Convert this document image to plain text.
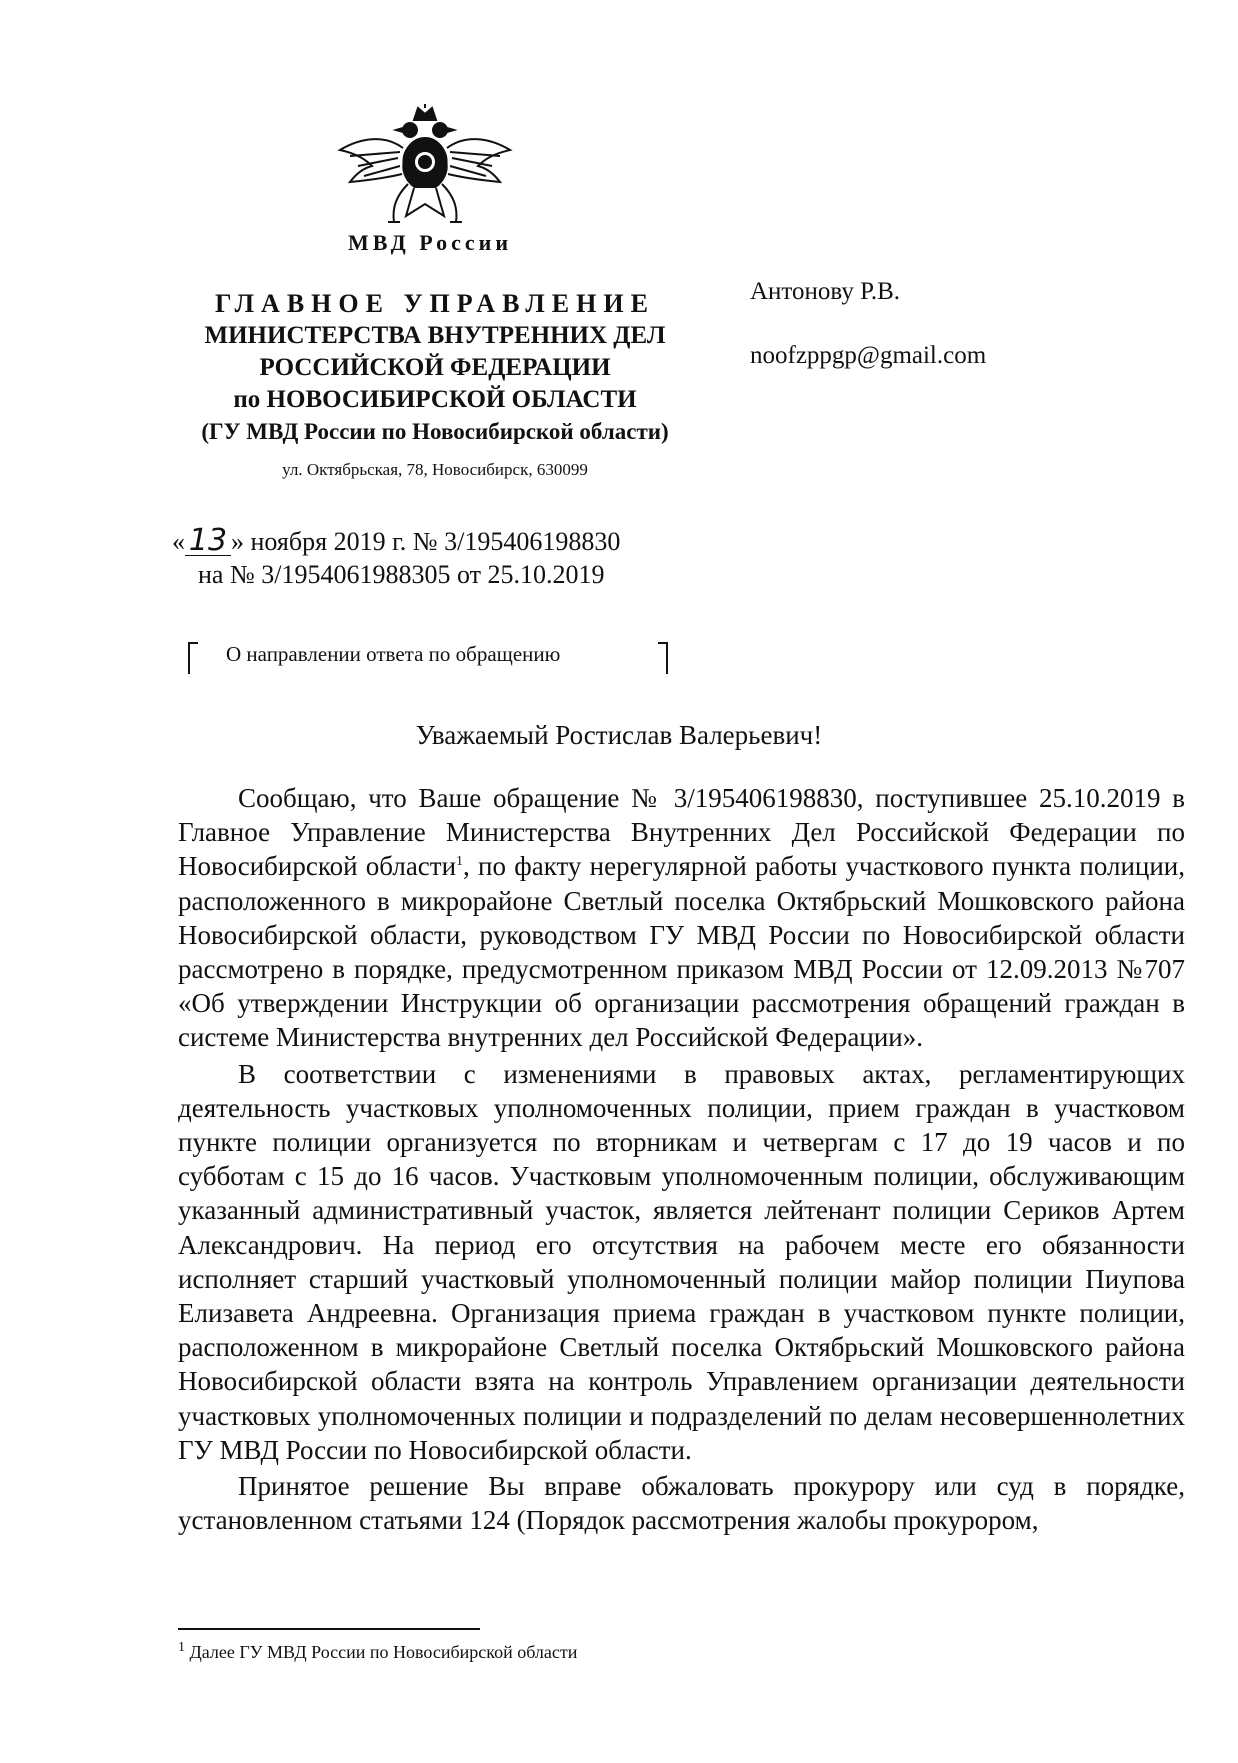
МВД России
ГЛАВНОЕ УПРАВЛЕНИЕ
МИНИСТЕРСТВА ВНУТРЕННИХ ДЕЛ
РОССИЙСКОЙ ФЕДЕРАЦИИ
по НОВОСИБИРСКОЙ ОБЛАСТИ
(ГУ МВД России по Новосибирской области)
ул. Октябрьская, 78, Новосибирск, 630099
Антонову Р.В.
noofzppgp@gmail.com
« 13 » ноября 2019 г. № 3/195406198830
на № 3/1954061988305 от 25.10.2019
О направлении ответа по обращению
Уважаемый Ростислав Валерьевич!

Сообщаю, что Ваше обращение № 3/195406198830, поступившее 25.10.2019 в Главное Управление Министерства Внутренних Дел Российской Федерации по Новосибирской области$^1$, по факту нерегулярной работы участкового пункта полиции, расположенного в микрорайоне Светлый поселка Октябрьский Мошковского района Новосибирской области, руководством ГУ МВД России по Новосибирской области рассмотрено в порядке, предусмотренном приказом МВД России от 12.09.2013 №707 «Об утверждении Инструкции об организации рассмотрения обращений граждан в системе Министерства внутренних дел Российской Федерации».

В соответствии с изменениями в правовых актах, регламентирующих деятельность участковых уполномоченных полиции, прием граждан в участковом пункте полиции организуется по вторникам и четвергам с 17 до 19 часов и по субботам с 15 до 16 часов. Участковым уполномоченным полиции, обслуживающим указанный административный участок, является лейтенант полиции Сериков Артем Александрович. На период его отсутствия на рабочем месте его обязанности исполняет старший участковый уполномоченный полиции майор полиции Пиупова Елизавета Андреевна. Организация приема граждан в участковом пункте полиции, расположенном в микрорайоне Светлый поселка Октябрьский Мошковского района Новосибирской области взята на контроль Управлением организации деятельности участковых уполномоченных полиции и подразделений по делам несовершеннолетних ГУ МВД России по Новосибирской области.

Принятое решение Вы вправе обжаловать прокурору или суд в порядке, установленном статьями 124 (Порядок рассмотрения жалобы прокурором,

$^1$ Далее ГУ МВД России по Новосибирской области
